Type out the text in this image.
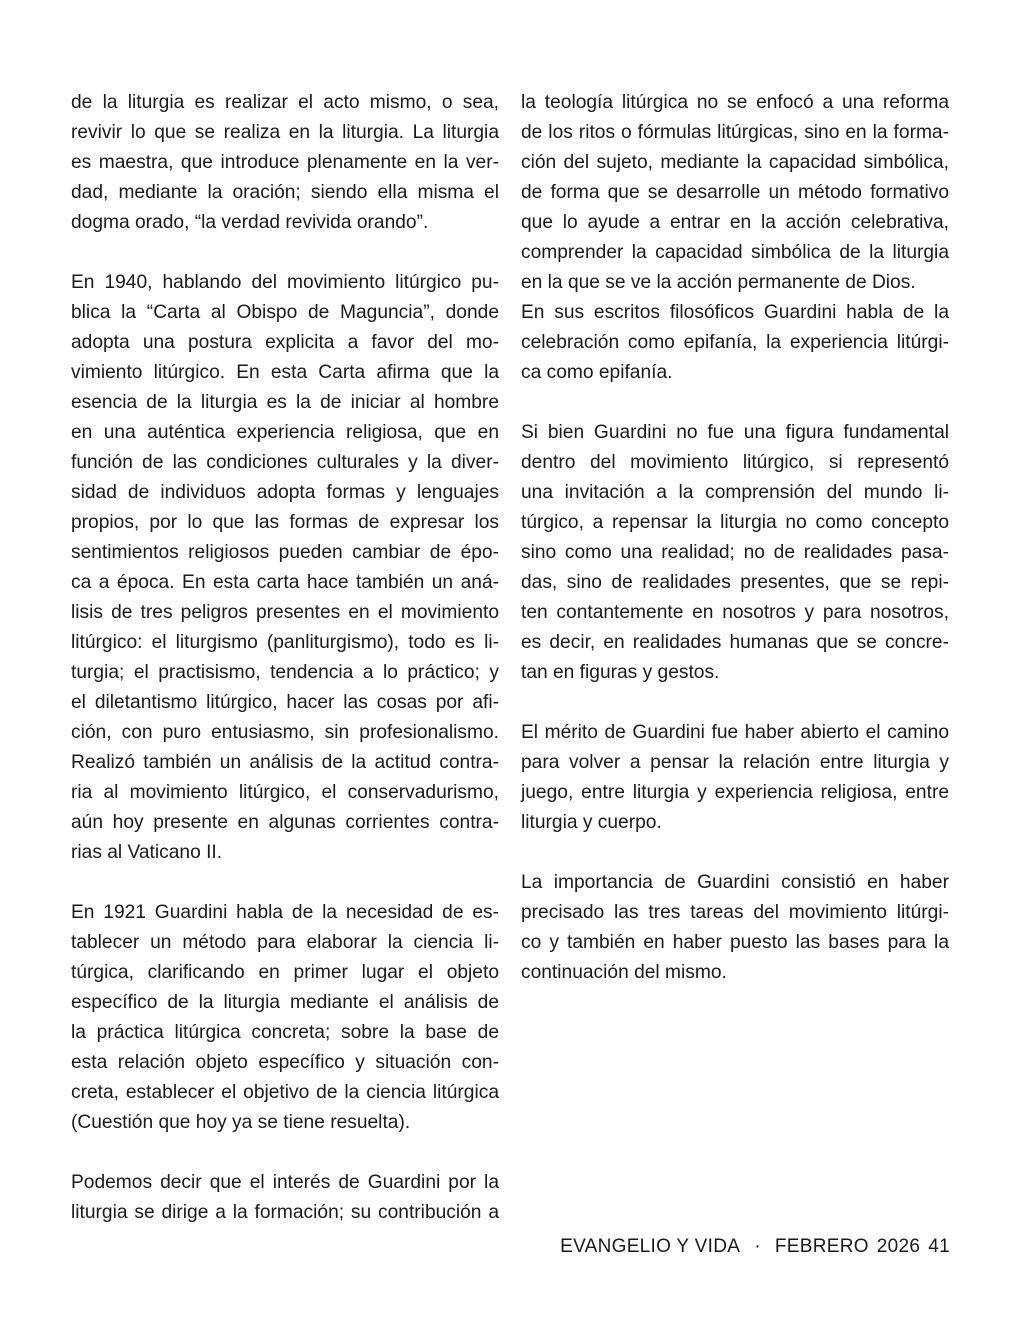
de la liturgia es realizar el acto mismo, o sea,
revivir lo que se realiza en la liturgia. La liturgia
es maestra, que introduce plenamente en la ver-
dad, mediante la oración; siendo ella misma el
dogma orado, “la verdad revivida orando”.
En 1940, hablando del movimiento litúrgico pu-
blica la “Carta al Obispo de Maguncia”, donde
adopta una postura explicita a favor del mo-
vimiento litúrgico. En esta Carta afirma que la
esencia de la liturgia es la de iniciar al hombre
en una auténtica experiencia religiosa, que en
función de las condiciones culturales y la diver-
sidad de individuos adopta formas y lenguajes
propios, por lo que las formas de expresar los
sentimientos religiosos pueden cambiar de épo-
ca a época. En esta carta hace también un aná-
lisis de tres peligros presentes en el movimiento
litúrgico: el liturgismo (panliturgismo), todo es li-
turgia; el practisismo, tendencia a lo práctico; y
el diletantismo litúrgico, hacer las cosas por afi-
ción, con puro entusiasmo, sin profesionalismo.
Realizó también un análisis de la actitud contra-
ria al movimiento litúrgico, el conservadurismo,
aún hoy presente en algunas corrientes contra-
rias al Vaticano II.
En 1921 Guardini habla de la necesidad de es-
tablecer un método para elaborar la ciencia li-
túrgica, clarificando en primer lugar el objeto
específico de la liturgia mediante el análisis de
la práctica litúrgica concreta; sobre la base de
esta relación objeto específico y situación con-
creta, establecer el objetivo de la ciencia litúrgica
(Cuestión que hoy ya se tiene resuelta).
Podemos decir que el interés de Guardini por la
liturgia se dirige a la formación; su contribución a
la teología litúrgica no se enfocó a una reforma
de los ritos o fórmulas litúrgicas, sino en la forma-
ción del sujeto, mediante la capacidad simbólica,
de forma que se desarrolle un método formativo
que lo ayude a entrar en la acción celebrativa,
comprender la capacidad simbólica de la liturgia
en la que se ve la acción permanente de Dios.
En sus escritos filosóficos Guardini habla de la
celebración como epifanía, la experiencia litúrgi-
ca como epifanía.
Si bien Guardini no fue una figura fundamental
dentro del movimiento litúrgico, si representó
una invitación a la comprensión del mundo li-
túrgico, a repensar la liturgia no como concepto
sino como una realidad; no de realidades pasa-
das, sino de realidades presentes, que se repi-
ten contantemente en nosotros y para nosotros,
es decir, en realidades humanas que se concre-
tan en figuras y gestos.
El mérito de Guardini fue haber abierto el camino
para volver a pensar la relación entre liturgia y
juego, entre liturgia y experiencia religiosa, entre
liturgia y cuerpo.
La importancia de Guardini consistió en haber
precisado las tres tareas del movimiento litúrgi-
co y también en haber puesto las bases para la
continuación del mismo.
EVANGELIO Y VIDA · FEBRERO 2026 41
